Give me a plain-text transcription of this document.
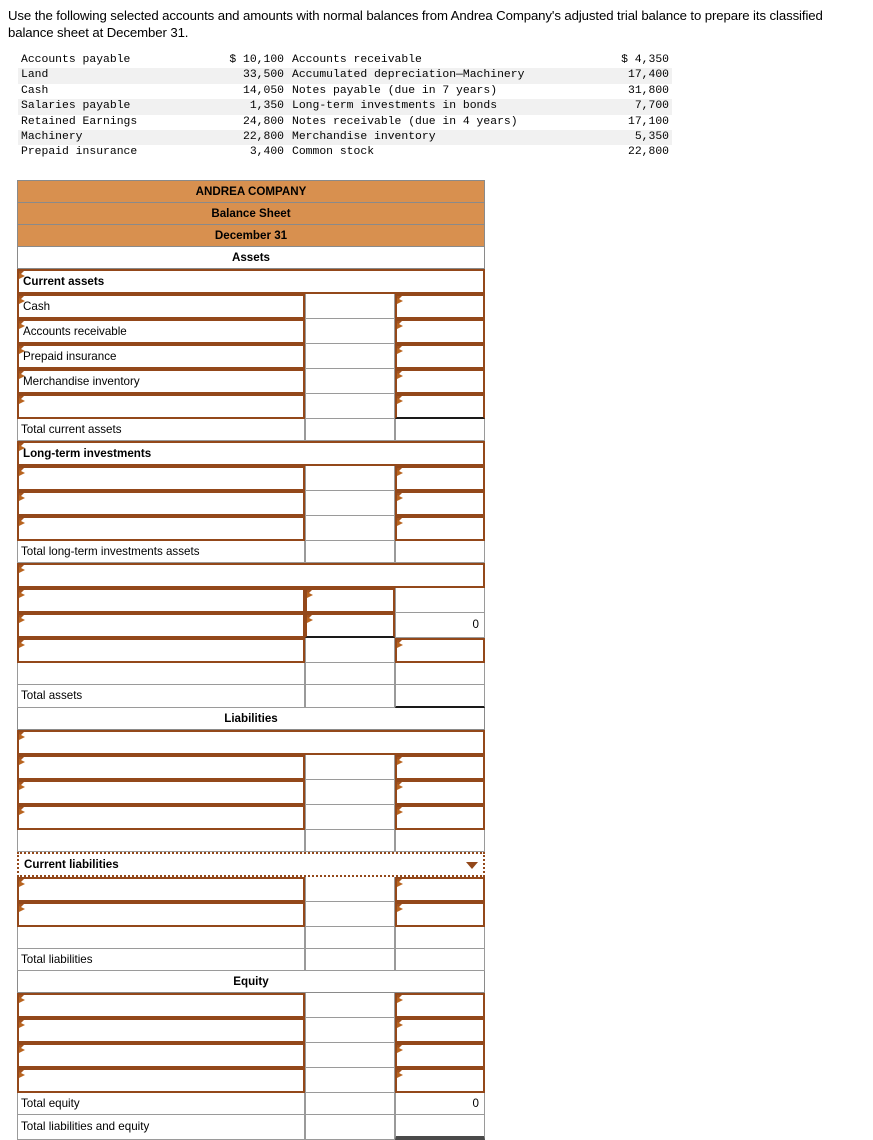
Use the following selected accounts and amounts with normal balances from Andrea Company's adjusted trial balance to prepare its classified balance sheet at December 31.
Accounts payable	$ 10,100	Accounts receivable	$ 4,350
Land	33,500	Accumulated depreciation—Machinery	17,400
Cash	14,050	Notes payable (due in 7 years)	31,800
Salaries payable	1,350	Long-term investments in bonds	7,700
Retained Earnings	24,800	Notes receivable (due in 4 years)	17,100
Machinery	22,800	Merchandise inventory	5,350
Prepaid insurance	3,400	Common stock	22,800
ANDREA COMPANY		
Balance Sheet		
December 31		
Assets		
Current assets		
Cash		
Accounts receivable		
Prepaid insurance		
Merchandise inventory		

Total current assets		
Long-term investments		

Total long-term investments assets		

		0

Total assets		
Liabilities		

Current liabilities		

Total liabilities		
Equity		

Total equity		0
Total liabilities and equity		
